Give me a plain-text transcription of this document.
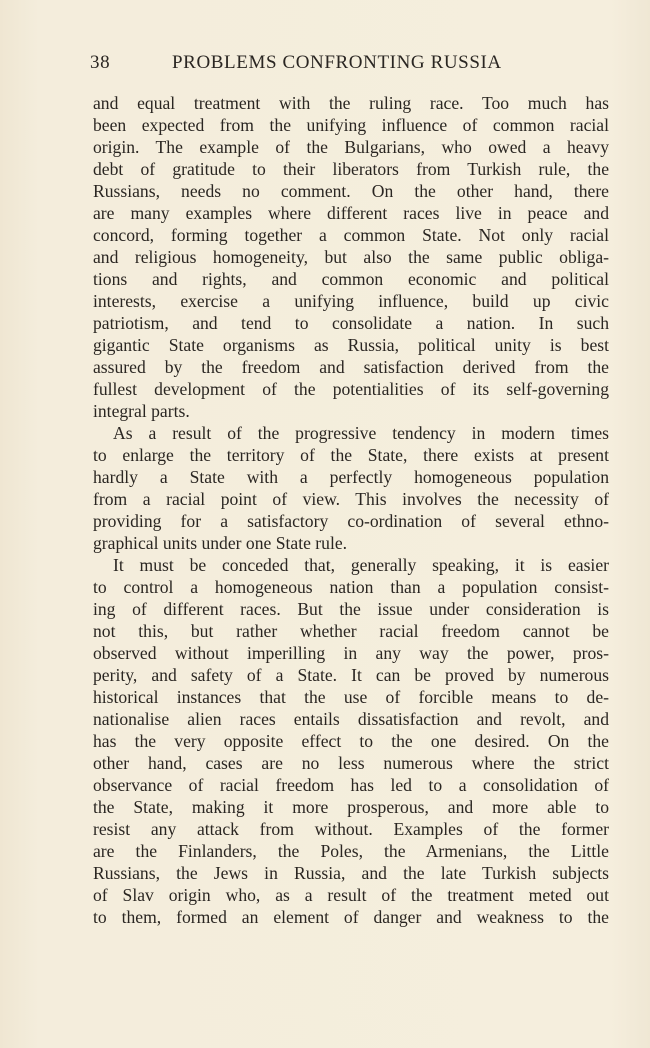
38	PROBLEMS CONFRONTING RUSSIA
and equal treatment with the ruling race. Too much has
been expected from the unifying influence of common racial
origin. The example of the Bulgarians, who owed a heavy
debt of gratitude to their liberators from Turkish rule, the
Russians, needs no comment. On the other hand, there
are many examples where different races live in peace and
concord, forming together a common State. Not only racial
and religious homogeneity, but also the same public obliga-
tions and rights, and common economic and political
interests, exercise a unifying influence, build up civic
patriotism, and tend to consolidate a nation. In such
gigantic State organisms as Russia, political unity is best
assured by the freedom and satisfaction derived from the
fullest development of the potentialities of its self-governing
integral parts.
As a result of the progressive tendency in modern times
to enlarge the territory of the State, there exists at present
hardly a State with a perfectly homogeneous population
from a racial point of view. This involves the necessity of
providing for a satisfactory co-ordination of several ethno-
graphical units under one State rule.
It must be conceded that, generally speaking, it is easier
to control a homogeneous nation than a population consist-
ing of different races. But the issue under consideration is
not this, but rather whether racial freedom cannot be
observed without imperilling in any way the power, pros-
perity, and safety of a State. It can be proved by numerous
historical instances that the use of forcible means to de-
nationalise alien races entails dissatisfaction and revolt, and
has the very opposite effect to the one desired. On the
other hand, cases are no less numerous where the strict
observance of racial freedom has led to a consolidation of
the State, making it more prosperous, and more able to
resist any attack from without. Examples of the former
are the Finlanders, the Poles, the Armenians, the Little
Russians, the Jews in Russia, and the late Turkish subjects
of Slav origin who, as a result of the treatment meted out
to them, formed an element of danger and weakness to the
